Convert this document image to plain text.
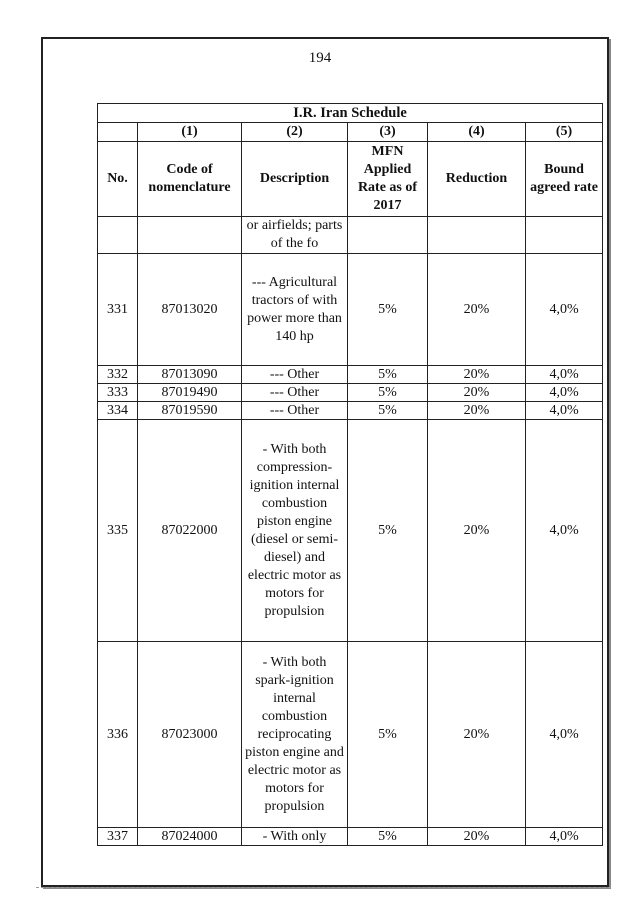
194
I.R. Iran Schedule					
	(1)	(2)	(3)	(4)	(5)
No.	Code of nomenclature	Description	MFN Applied Rate as of 2017	Reduction	Bound agreed rate
		or airfields; parts of the fo			
331	87013020	--- Agricultural tractors of with power more than 140 hp	5%	20%	4,0%
332	87013090	--- Other	5%	20%	4,0%
333	87019490	--- Other	5%	20%	4,0%
334	87019590	--- Other	5%	20%	4,0%
335	87022000	- With both compression-ignition internal combustion piston engine (diesel or semi-diesel) and electric motor as motors for propulsion	5%	20%	4,0%
336	87023000	- With both spark-ignition internal combustion reciprocating piston engine and electric motor as motors for propulsion	5%	20%	4,0%
337	87024000	- With only	5%	20%	4,0%
